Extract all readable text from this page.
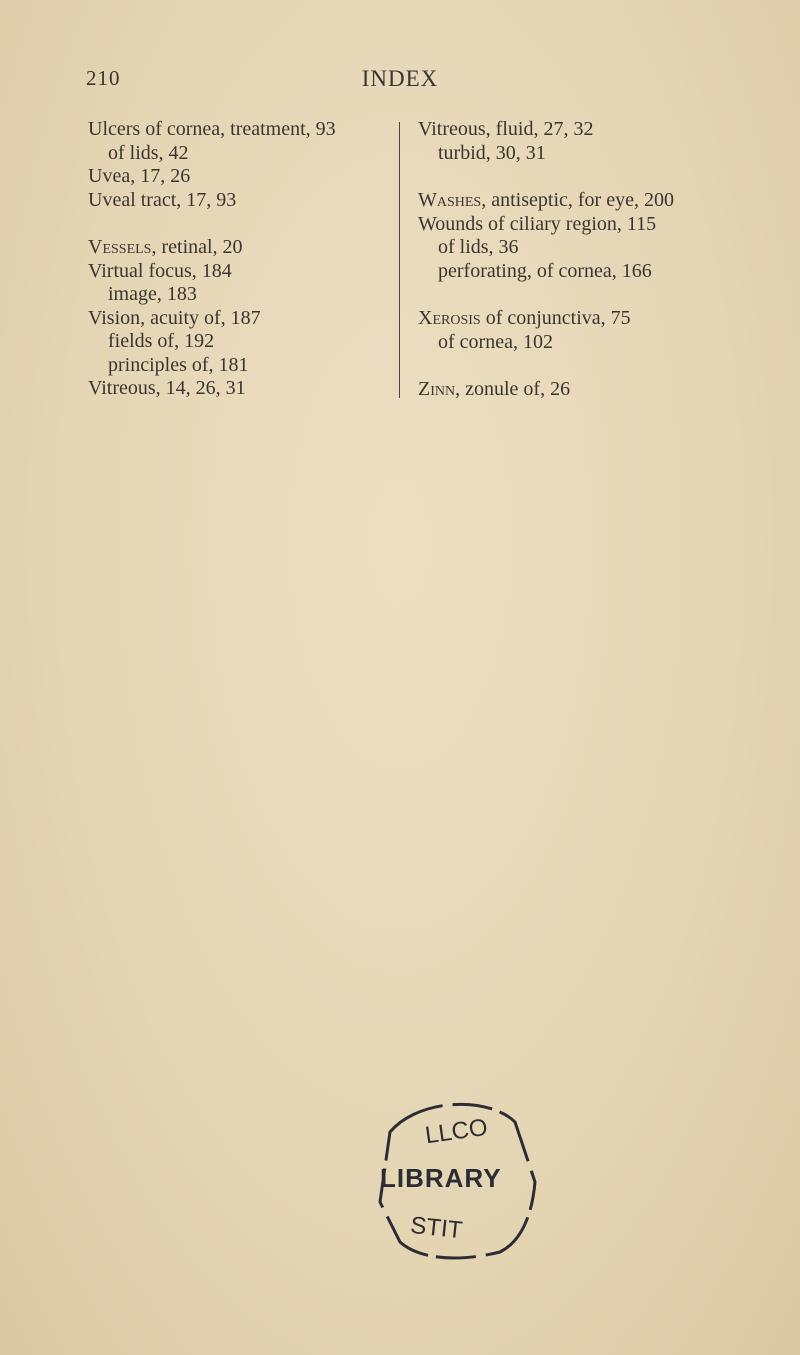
210	INDEX
Ulcers of cornea, treatment, 93
of lids, 42
Uvea, 17, 26
Uveal tract, 17, 93
Vessels, retinal, 20
Virtual focus, 184
image, 183
Vision, acuity of, 187
fields of, 192
principles of, 181
Vitreous, 14, 26, 31
Vitreous, fluid, 27, 32
turbid, 30, 31
Washes, antiseptic, for eye, 200
Wounds of ciliary region, 115
of lids, 36
perforating, of cornea, 166
Xerosis of conjunctiva, 75
of cornea, 102
Zinn, zonule of, 26
LLCO
LIBRARY
STIT
